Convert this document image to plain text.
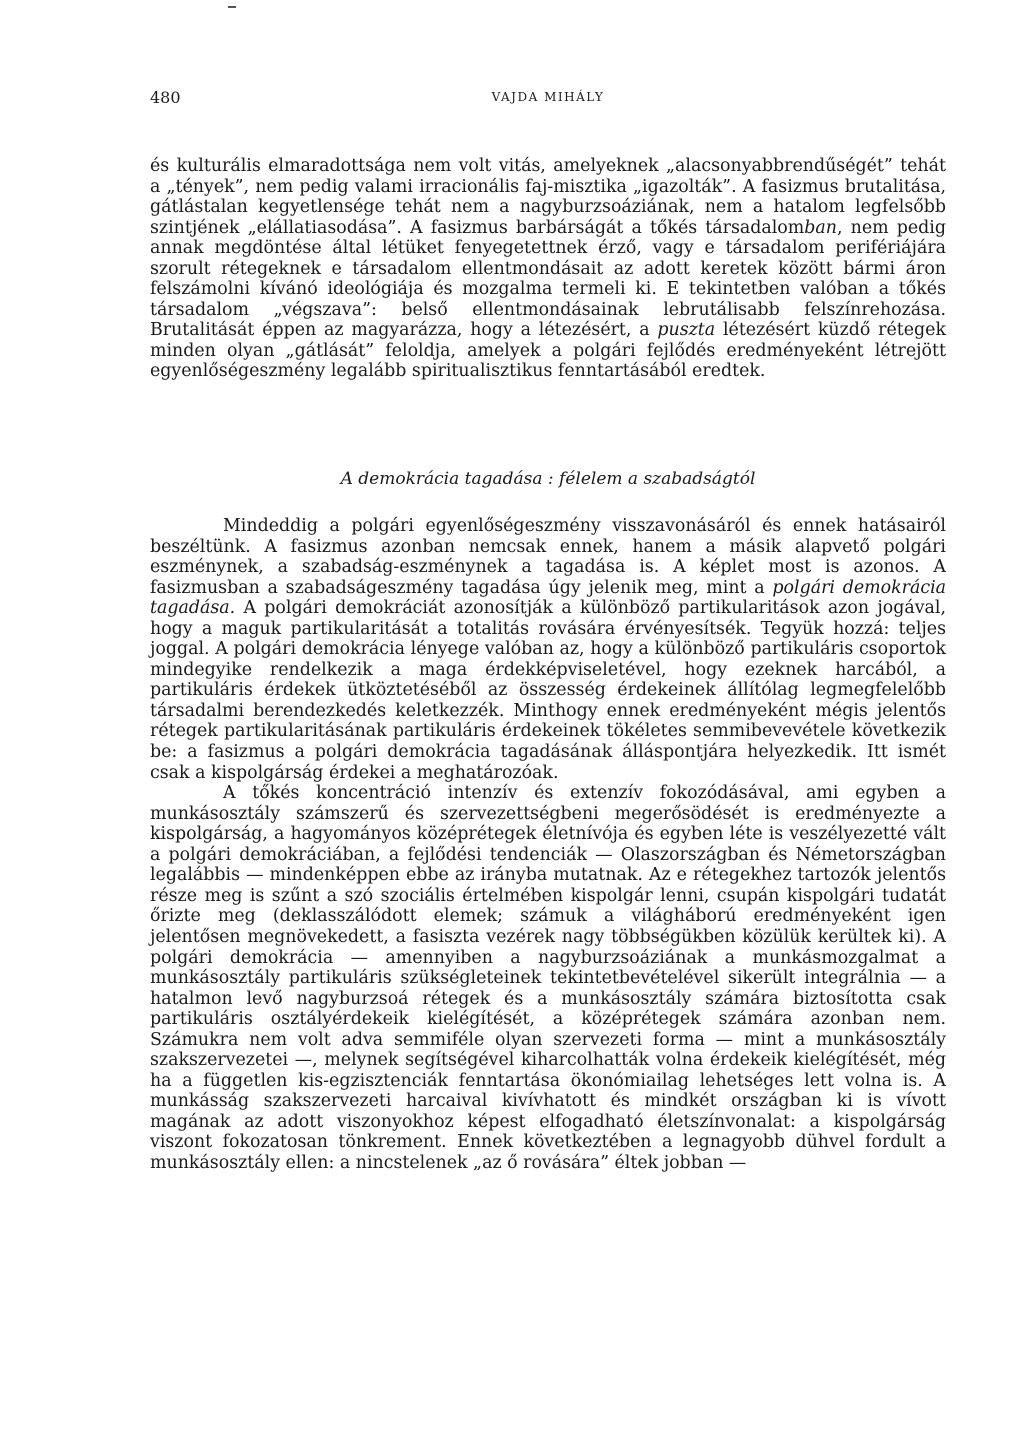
480	VAJDA MIHÁLY

és kulturális elmaradottsága nem volt vitás, amelyeknek „alacsonyabbrendűségét” tehát a „tények”, nem pedig valami irracionális faj-misztika „igazolták”. A fasizmus brutalitása, gátlástalan kegyetlensége tehát nem a nagyburzsoáziának, nem a hatalom legfelsőbb szintjének „elállatiasodása”. A fasizmus barbárságát a tőkés társadalomban, nem pedig annak megdöntése által létüket fenyegetettnek érző, vagy e társadalom perifériájára szorult rétegeknek e társadalom ellentmondásait az adott keretek között bármi áron felszámolni kívánó ideológiája és mozgalma termeli ki. E tekintetben valóban a tőkés társadalom „végszava”: belső ellentmondásainak lebrutálisabb felszínrehozása. Brutalitását éppen az magyarázza, hogy a létezésért, a puszta létezésért küzdő rétegek minden olyan „gátlását” feloldja, amelyek a polgári fejlődés eredményeként létrejött egyenlőségeszmény legalább spiritualisztikus fenntartásából eredtek.

A demokrácia tagadása : félelem a szabadságtól

Mindeddig a polgári egyenlőségeszmény visszavonásáról és ennek hatásairól beszéltünk. A fasizmus azonban nemcsak ennek, hanem a másik alapvető polgári eszménynek, a szabadság-eszménynek a tagadása is. A képlet most is azonos. A fasizmusban a szabadságeszmény tagadása úgy jelenik meg, mint a polgári demokrácia tagadása. A polgári demokráciát azonosítják a különböző partikularitások azon jogával, hogy a maguk partikularitását a totalitás rovására érvényesítsék. Tegyük hozzá: teljes joggal. A polgári demokrácia lényege valóban az, hogy a különböző partikuláris csoportok mindegyike rendelkezik a maga érdekképviseletével, hogy ezeknek harcából, a partikuláris érdekek ütköztetéséből az összesség érdekeinek állítólag legmegfelelőbb társadalmi berendezkedés keletkezzék. Minthogy ennek eredményeként mégis jelentős rétegek partikularitásának partikuláris érdekeinek tökéletes semmibevevétele következik be: a fasizmus a polgári demokrácia tagadásának álláspontjára helyezkedik. Itt ismét csak a kispolgárság érdekei a meghatározóak.

A tőkés koncentráció intenzív és extenzív fokozódásával, ami egyben a munkásosztály számszerű és szervezettségbeni megerősödését is eredményezte a kispolgárság, a hagyományos középrétegek életnívója és egyben léte is veszélyezetté vált a polgári demokráciában, a fejlődési tendenciák — Olaszországban és Németországban legalábbis — mindenképpen ebbe az irányba mutatnak. Az e rétegekhez tartozók jelentős része meg is szűnt a szó szociális értelmében kispolgár lenni, csupán kispolgári tudatát őrizte meg (deklasszálódott elemek; számuk a világháború eredményeként igen jelentősen megnövekedett, a fasiszta vezérek nagy többségükben közülük kerültek ki). A polgári demokrácia — amennyiben a nagyburzsoáziának a munkásmozgalmat a munkásosztály partikuláris szükségleteinek tekintetbevételével sikerült integrálnia — a hatalmon levő nagyburzsoá rétegek és a munkásosztály számára biztosította csak partikuláris osztályérdekeik kielégítését, a középrétegek számára azonban nem. Számukra nem volt adva semmiféle olyan szervezeti forma — mint a munkásosztály szakszervezetei —, melynek segítségével kiharcolhatták volna érdekeik kielégítését, még ha a független kis-egzisztenciák fenntartása ökonómiailag lehetséges lett volna is. A munkásság szakszervezeti harcaival kivívhatott és mindkét országban ki is vívott magának az adott viszonyokhoz képest elfogadható életszínvonalat: a kispolgárság viszont fokozatosan tönkrement. Ennek következtében a legnagyobb dühvel fordult a munkásosztály ellen: a nincstelenek „az ő rovására” éltek jobban —
